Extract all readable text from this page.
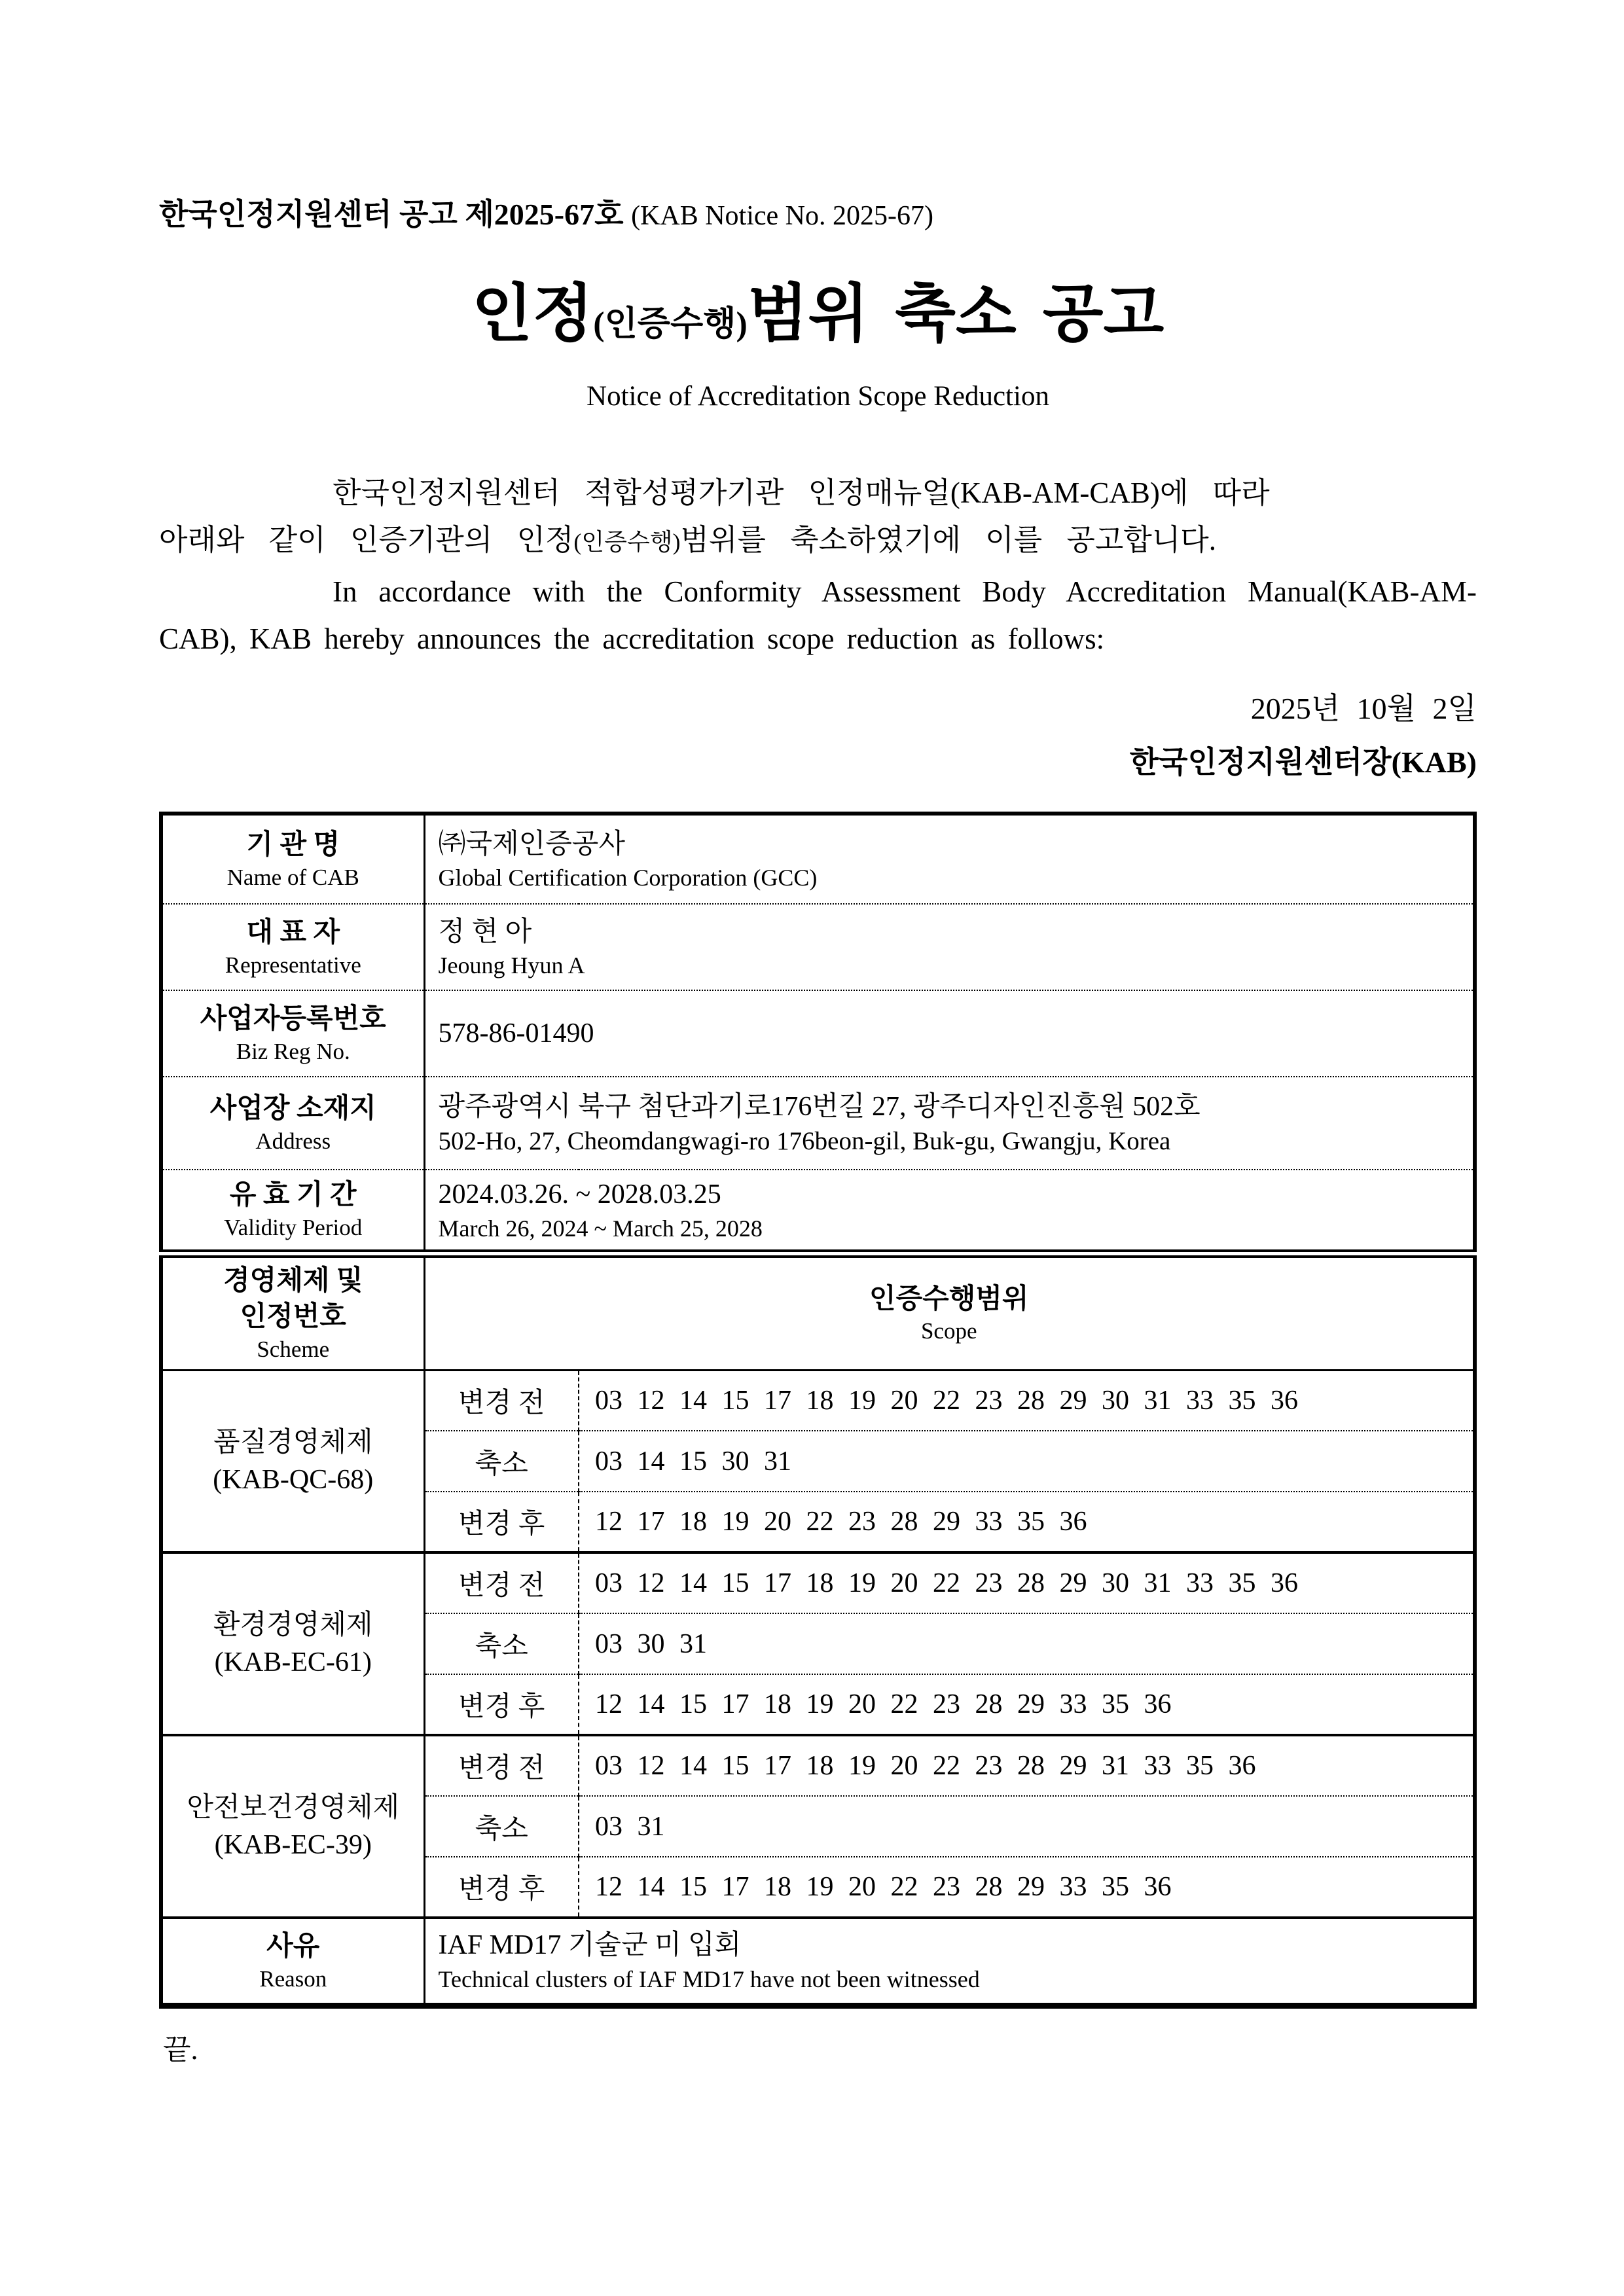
한국인정지원센터 공고 제2025-67호 (KAB Notice No. 2025-67)

인정(인증수행)범위 축소 공고
Notice of Accreditation Scope Reduction

한국인정지원센터 적합성평가기관 인정매뉴얼(KAB-AM-CAB)에 따라
아래와 같이 인증기관의 인정(인증수행)범위를 축소하였기에 이를 공고합니다.

In accordance with the Conformity Assessment Body Accreditation Manual(KAB-AM-CAB), KAB hereby announces the accreditation scope reduction as follows:

2025년 10월 2일
한국인정지원센터장(KAB)
기 관 명
Name of CAB

㈜국제인증공사
Global Certification Corporation (GCC)

대 표 자
Representative

정 현 아
Jeoung Hyun A

사업자등록번호
Biz Reg No.	578-86-01490	

사업장 소재지
Address

광주광역시 북구 첨단과기로176번길 27, 광주디자인진흥원 502호
502-Ho, 27, Cheomdangwagi-ro 176beon-gil, Buk-gu, Gwangju, Korea

유 효 기 간
Validity Period

2024.03.26. ~ 2028.03.25
March 26, 2024 ~ March 25, 2028

경영체제 및
인정번호
Scheme

인증수행범위
Scope

품질경영체제
(KAB-QC-68)	변경 전	03 12 14 15 17 18 19 20 22 23 28 29 30 31 33 35 36
	축소	03 14 15 30 31
	변경 후	12 17 18 19 20 22 23 28 29 33 35 36

환경경영체제
(KAB-EC-61)	변경 전	03 12 14 15 17 18 19 20 22 23 28 29 30 31 33 35 36
	축소	03 30 31
	변경 후	12 14 15 17 18 19 20 22 23 28 29 33 35 36

안전보건경영체제
(KAB-EC-39)	변경 전	03 12 14 15 17 18 19 20 22 23 28 29 31 33 35 36
	축소	03 31
	변경 후	12 14 15 17 18 19 20 22 23 28 29 33 35 36

사유
Reason

IAF MD17 기술군 미 입회
Technical clusters of IAF MD17 have not been witnessed
끝.
